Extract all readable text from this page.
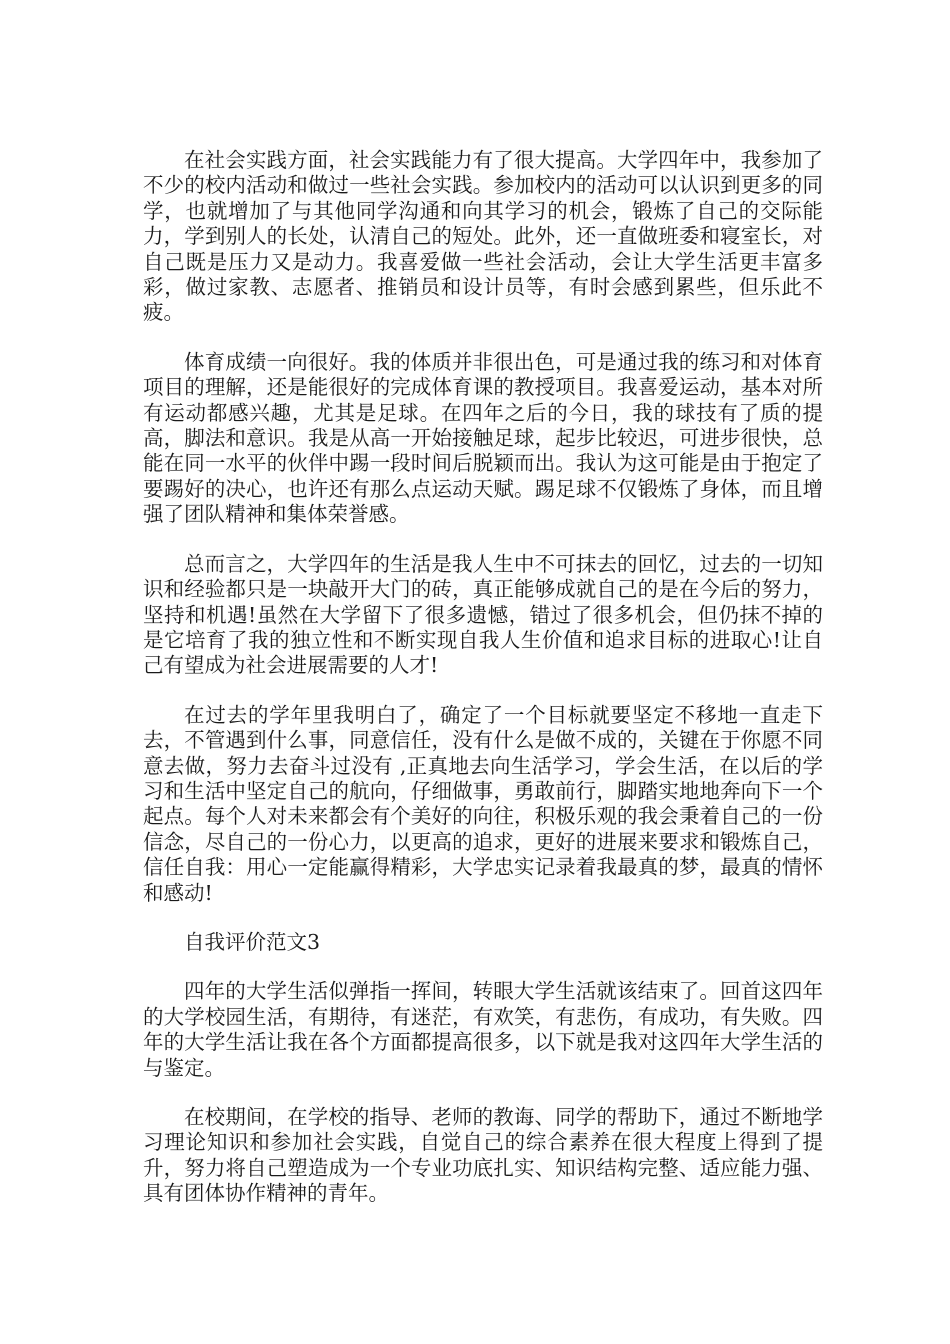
在社会实践方面，社会实践能力有了很大提高。大学四年中，我参加了不少的校内活动和做过一些社会实践。参加校内的活动可以认识到更多的同学，也就增加了与其他同学沟通和向其学习的机会，锻炼了自己的交际能力，学到别人的长处，认清自己的短处。此外，还一直做班委和寝室长，对自己既是压力又是动力。我喜爱做一些社会活动，会让大学生活更丰富多彩，做过家教、志愿者、推销员和设计员等，有时会感到累些，但乐此不疲。

体育成绩一向很好。我的体质并非很出色，可是通过我的练习和对体育项目的理解，还是能很好的完成体育课的教授项目。我喜爱运动，基本对所有运动都感兴趣，尤其是足球。在四年之后的今日，我的球技有了质的提高，脚法和意识。我是从高一开始接触足球，起步比较迟，可进步很快，总能在同一水平的伙伴中踢一段时间后脱颖而出。我认为这可能是由于抱定了要踢好的决心，也许还有那么点运动天赋。踢足球不仅锻炼了身体，而且增强了团队精神和集体荣誉感。

总而言之，大学四年的生活是我人生中不可抹去的回忆，过去的一切知识和经验都只是一块敲开大门的砖，真正能够成就自己的是在今后的努力，坚持和机遇!虽然在大学留下了很多遗憾，错过了很多机会，但仍抹不掉的是它培育了我的独立性和不断实现自我人生价值和追求目标的进取心!让自己有望成为社会进展需要的人才!

在过去的学年里我明白了，确定了一个目标就要坚定不移地一直走下去，不管遇到什么事，同意信任，没有什么是做不成的，关键在于你愿不同意去做，努力去奋斗过没有 ,正真地去向生活学习，学会生活，在以后的学习和生活中坚定自己的航向，仔细做事，勇敢前行，脚踏实地地奔向下一个起点。每个人对未来都会有个美好的向往，积极乐观的我会秉着自己的一份信念，尽自己的一份心力，以更高的追求，更好的进展来要求和锻炼自己，信任自我：用心一定能赢得精彩，大学忠实记录着我最真的梦，最真的情怀和感动!

自我评价范文3

四年的大学生活似弹指一挥间，转眼大学生活就该结束了。回首这四年的大学校园生活，有期待，有迷茫，有欢笑，有悲伤，有成功，有失败。四年的大学生活让我在各个方面都提高很多，以下就是我对这四年大学生活的与鉴定。

在校期间，在学校的指导、老师的教诲、同学的帮助下，通过不断地学习理论知识和参加社会实践，自觉自己的综合素养在很大程度上得到了提升，努力将自己塑造成为一个专业功底扎实、知识结构完整、适应能力强、具有团体协作精神的青年。
